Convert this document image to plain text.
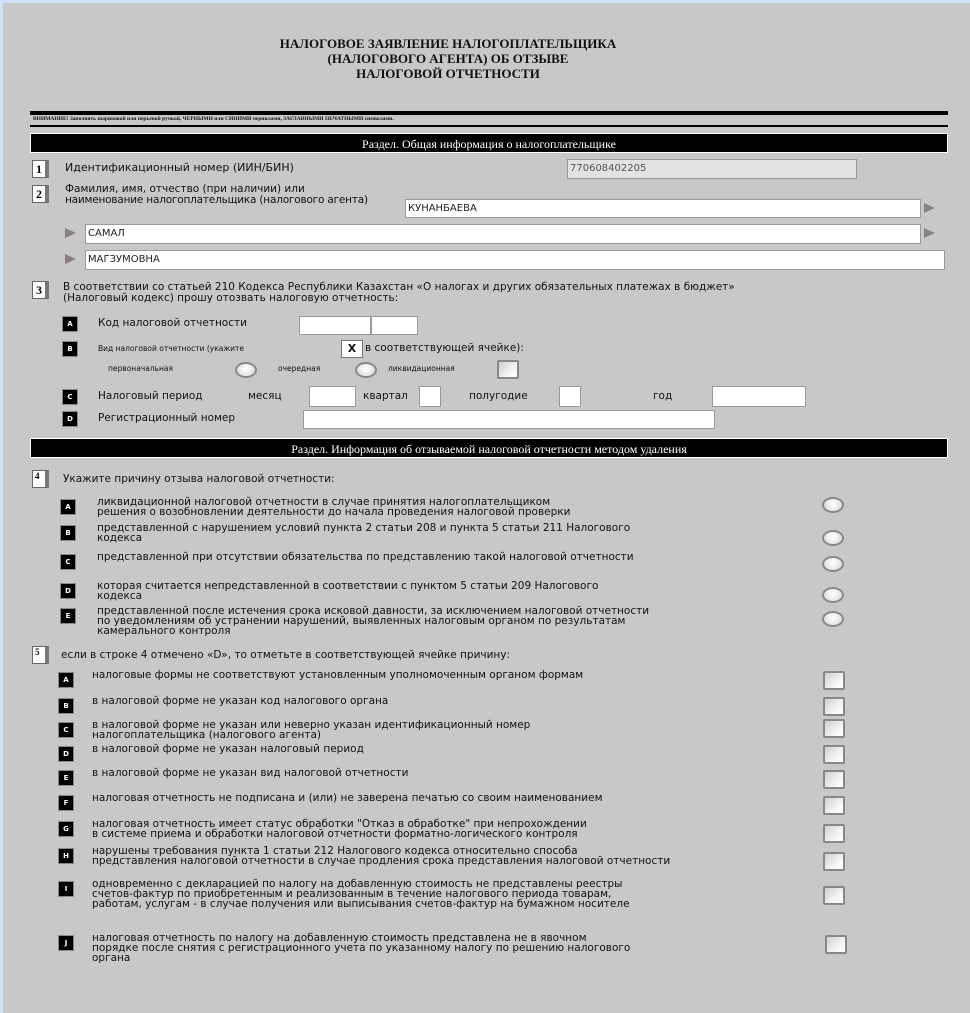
НАЛОГОВОЕ ЗАЯВЛЕНИЕ НАЛОГОПЛАТЕЛЬЩИКА
(НАЛОГОВОГО АГЕНТА) ОБ ОТЗЫВЕ
НАЛОГОВОЙ ОТЧЕТНОСТИ
ВНИМАНИЕ! Заполнять шариковой или перьевой ручкой, ЧЕРНЫМИ или СИНИМИ чернилами, ЗАГЛАВНЫМИ ПЕЧАТНЫМИ символами.
Раздел. Общая информация о налогоплательщике
1	Идентификационный номер (ИИН/БИН)	770608402205
2	Фамилия, имя, отчество (при наличии) или
наименование налогоплательщика (налогового агента)
КУНАНБАЕВА
САМАЛ
МАГЗУМОВНА
3	В соответствии со статьей 210 Кодекса Республики Казахстан «О налогах и других обязательных платежах в бюджет»
(Налоговый кодекс) прошу отозвать налоговую отчетность:
A	Код налоговой отчетности
B	Вид налоговой отчетности (укажите	X в соответствующей ячейке):
первоначальная	очередная	ликвидационная
C	Налоговый период	месяц	квартал	полугодие	год
D	Регистрационный номер
Раздел. Информация об отзываемой налоговой отчетности методом удаления
4	Укажите причину отзыва налоговой отчетности:
A	ликвидационной налоговой отчетности в случае принятия налогоплательщиком
решения о возобновлении деятельности до начала проведения налоговой проверки
B	представленной с нарушением условий пункта 2 статьи 208 и пункта 5 статьи 211 Налогового
кодекса
C	представленной при отсутствии обязательства по представлению такой налоговой отчетности
D	которая считается непредставленной в соответствии с пунктом 5 статьи 209 Налогового
кодекса
E	представленной после истечения срока исковой давности, за исключением налоговой отчетности
по уведомлениям об устранении нарушений, выявленных налоговым органом по результатам
камерального контроля
5	если в строке 4 отмечено «D», то отметьте в соответствующей ячейке причину:
A	налоговые формы не соответствуют установленным уполномоченным органом формам
B	в налоговой форме не указан код налогового органа
C	в налоговой форме не указан или неверно указан идентификационный номер
налогоплательщика (налогового агента)
D	в налоговой форме не указан налоговый период
E	в налоговой форме не указан вид налоговой отчетности
F	налоговая отчетность не подписана и (или) не заверена печатью со своим наименованием
G	налоговая отчетность имеет статус обработки "Отказ в обработке" при непрохождении
в системе приема и обработки налоговой отчетности форматно-логического контроля
H	нарушены требования пункта 1 статьи 212 Налогового кодекса относительно способа
представления налоговой отчетности в случае продления срока представления налоговой отчетности
I	одновременно с декларацией по налогу на добавленную стоимость не представлены реестры
счетов-фактур по приобретенным и реализованным в течение налогового периода товарам,
работам, услугам - в случае получения или выписывания счетов-фактур на бумажном носителе
J	налоговая отчетность по налогу на добавленную стоимость представлена не в явочном
порядке после снятия с регистрационного учета по указанному налогу по решению налогового
органа
